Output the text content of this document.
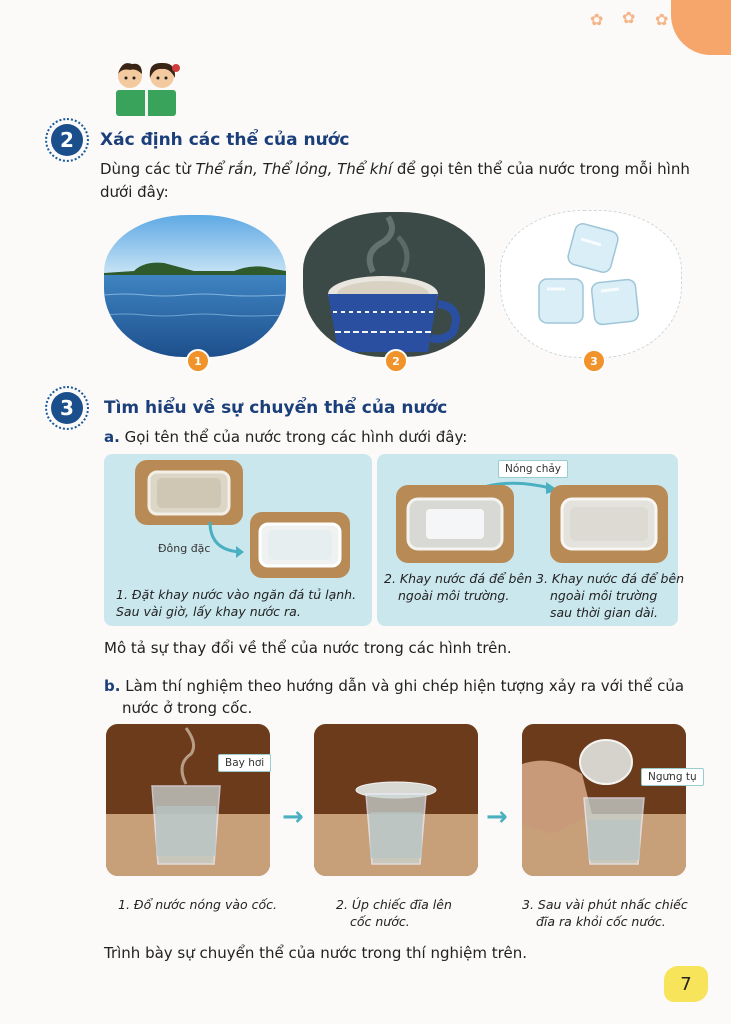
✿ ✿ ✿
2	Xác định các thể của nước
Dùng các từ Thể rắn, Thể lỏng, Thể khí để gọi tên thể của nước trong mỗi hình
dưới đây:
1	2	3
3	Tìm hiểu về sự chuyển thể của nước
a. Gọi tên thể của nước trong các hình dưới đây:
Đông đặc
1. Đặt khay nước vào ngăn đá tủ lạnh.
Sau vài giờ, lấy khay nước ra.
Nóng chảy
2. Khay nước đá để bên
ngoài môi trường.
3. Khay nước đá để bên
ngoài môi trường
sau thời gian dài.
Mô tả sự thay đổi về thể của nước trong các hình trên.
b. Làm thí nghiệm theo hướng dẫn và ghi chép hiện tượng xảy ra với thể của
nước ở trong cốc.
Bay hơi
→	→
Ngưng tụ
1. Đổ nước nóng vào cốc.	2. Úp chiếc đĩa lên
cốc nước.
3. Sau vài phút nhấc chiếc
đĩa ra khỏi cốc nước.
Trình bày sự chuyển thể của nước trong thí nghiệm trên.
7
